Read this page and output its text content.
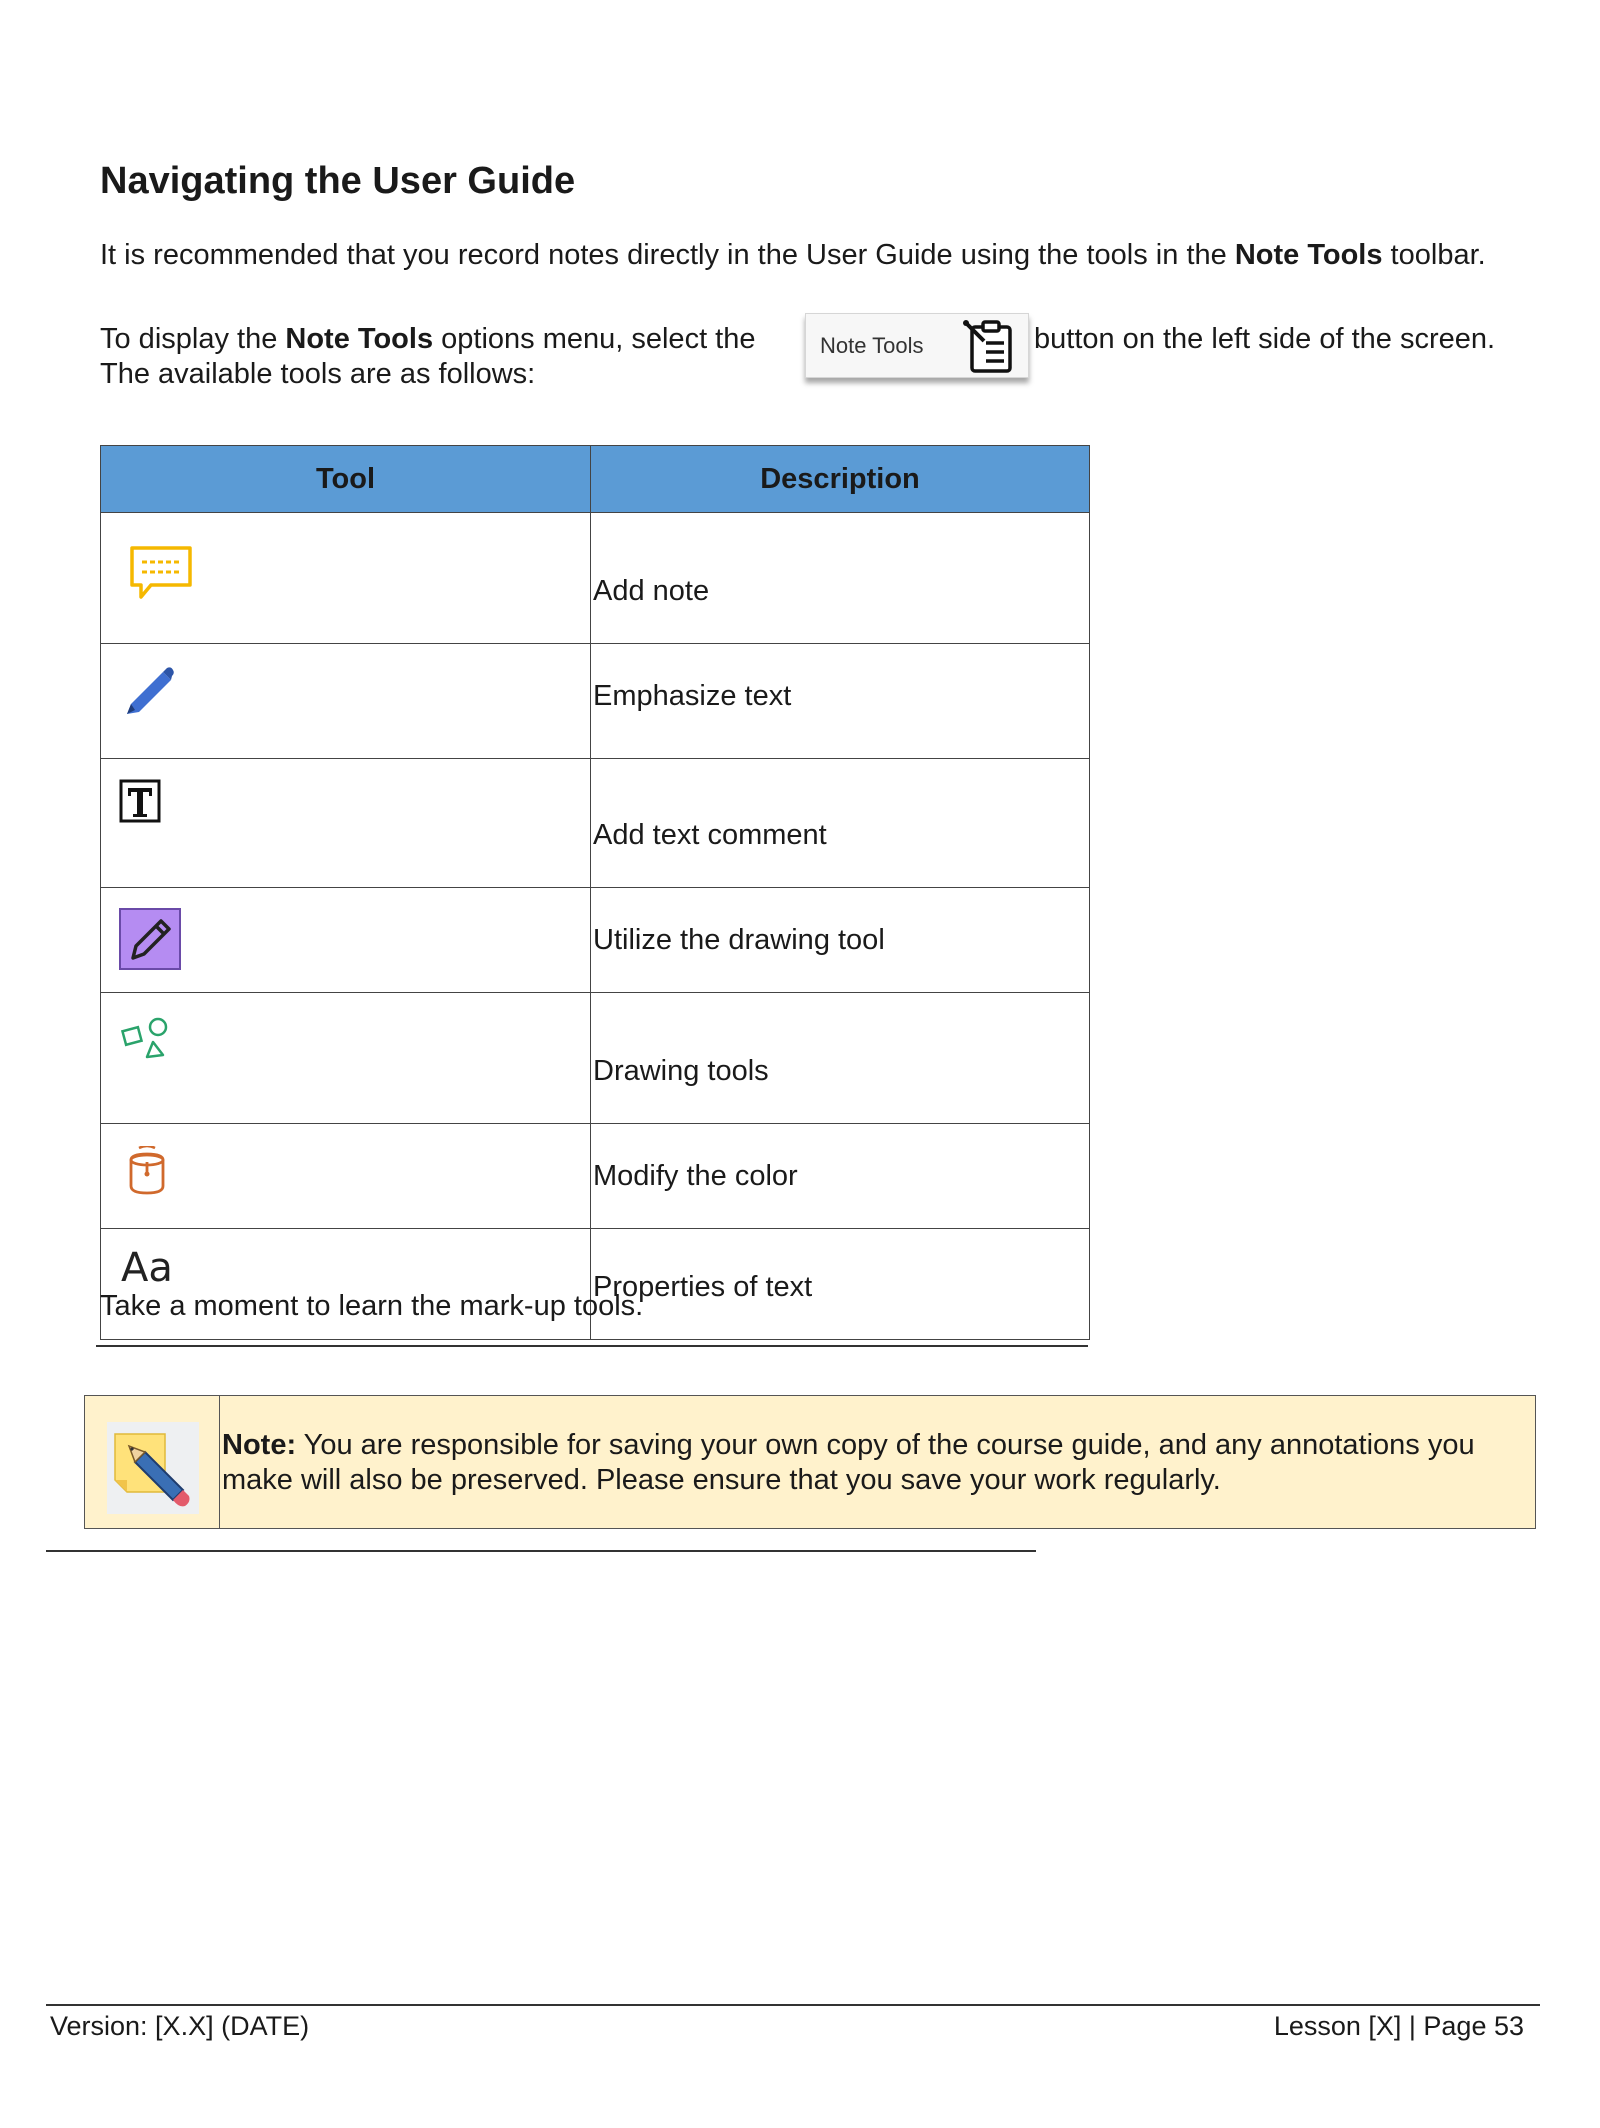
Navigating the User Guide

It is recommended that you record notes directly in the User Guide using the tools in the Note Tools toolbar.

To display the Note Tools options menu, select the	button on the left side of the screen.

The available tools are as follows:

Note Tools
Tool	Description

	Add note

	Emphasize text

	Add text comment

	Utilize the drawing tool

	Drawing tools

	Modify the color

Aa	Properties of text
Take a moment to learn the mark-up tools.
Note: You are responsible for saving your own copy of the course guide, and any annotations you make will also be preserved. Please ensure that you save your work regularly.
Version: [X.X] (DATE)	Lesson [X] | Page 53
